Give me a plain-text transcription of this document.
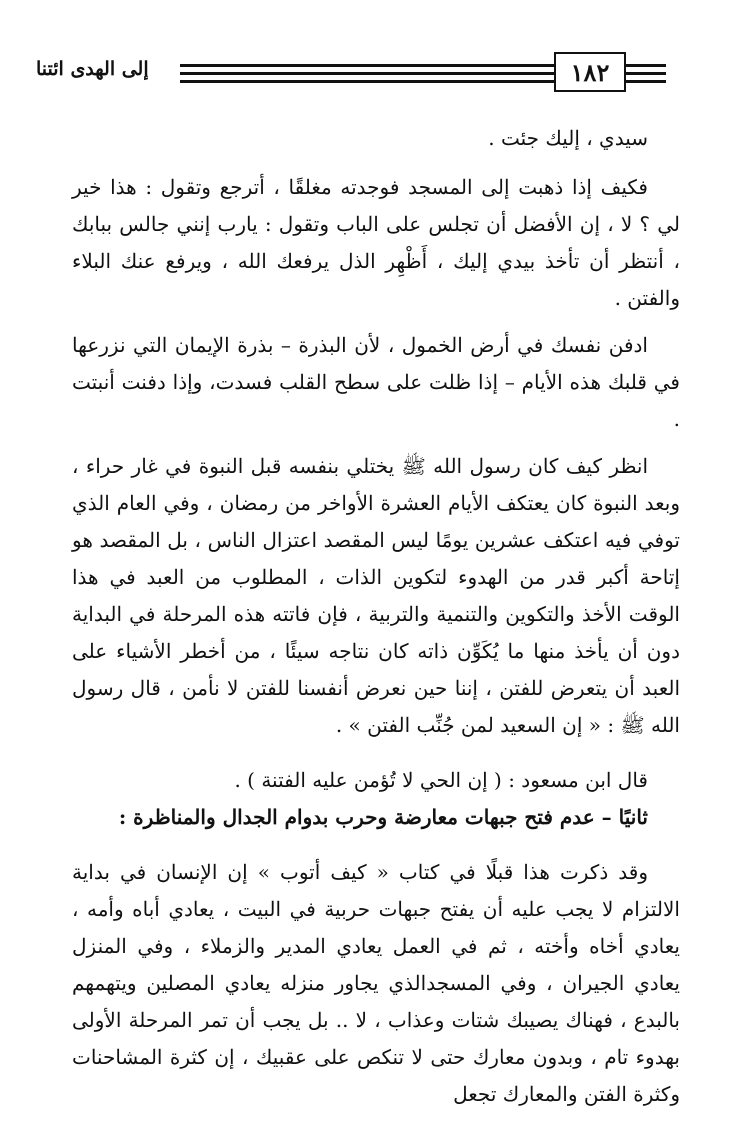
١٨٢
إلى الهدى ائتنا

سيدي ، إليك جئت .

فكيف إذا ذهبت إلى المسجد فوجدته مغلقًا ، أترجع وتقول : هذا خير لي ؟ لا ، إن الأفضل أن تجلس على الباب وتقول : يارب إنني جالس ببابك ، أنتظر أن تأخذ بيدي إليك ، أَظْهِر الذل يرفعك الله ، ويرفع عنك البلاء والفتن .

ادفن نفسك في أرض الخمول ، لأن البذرة – بذرة الإيمان التي نزرعها في قلبك هذه الأيام – إذا ظلت على سطح القلب فسدت، وإذا دفنت أنبتت .

انظر كيف كان رسول الله ﷺ يختلي بنفسه قبل النبوة في غار حراء ، وبعد النبوة كان يعتكف الأيام العشرة الأواخر من رمضان ، وفي العام الذي توفي فيه اعتكف عشرين يومًا ليس المقصد اعتزال الناس ، بل المقصد هو إتاحة أكبر قدر من الهدوء لتكوين الذات ، المطلوب من العبد في هذا الوقت الأخذ والتكوين والتنمية والتربية ، فإن فاتته هذه المرحلة في البداية دون أن يأخذ منها ما يُكَوِّن ذاته كان نتاجه سيئًا ، من أخطر الأشياء على العبد أن يتعرض للفتن ، إننا حين نعرض أنفسنا للفتن لا نأمن ، قال رسول الله ﷺ : « إن السعيد لمن جُنِّب الفتن » .

قال ابن مسعود : ( إن الحي لا تُؤمن عليه الفتنة ) .

ثانيًا – عدم فتح جبهات معارضة وحرب بدوام الجدال والمناظرة :

وقد ذكرت هذا قبلًا في كتاب « كيف أتوب » إن الإنسان في بداية الالتزام لا يجب عليه أن يفتح جبهات حربية في البيت ، يعادي أباه وأمه ، يعادي أخاه وأخته ، ثم في العمل يعادي المدير والزملاء ، وفي المنزل يعادي الجيران ، وفي المسجدالذي يجاور منزله يعادي المصلين ويتهمهم بالبدع ، فهناك يصيبك شتات وعذاب ، لا .. بل يجب أن تمر المرحلة الأولى بهدوء تام ، وبدون معارك حتى لا تنكص على عقبيك ، إن كثرة المشاحنات وكثرة الفتن والمعارك تجعل
